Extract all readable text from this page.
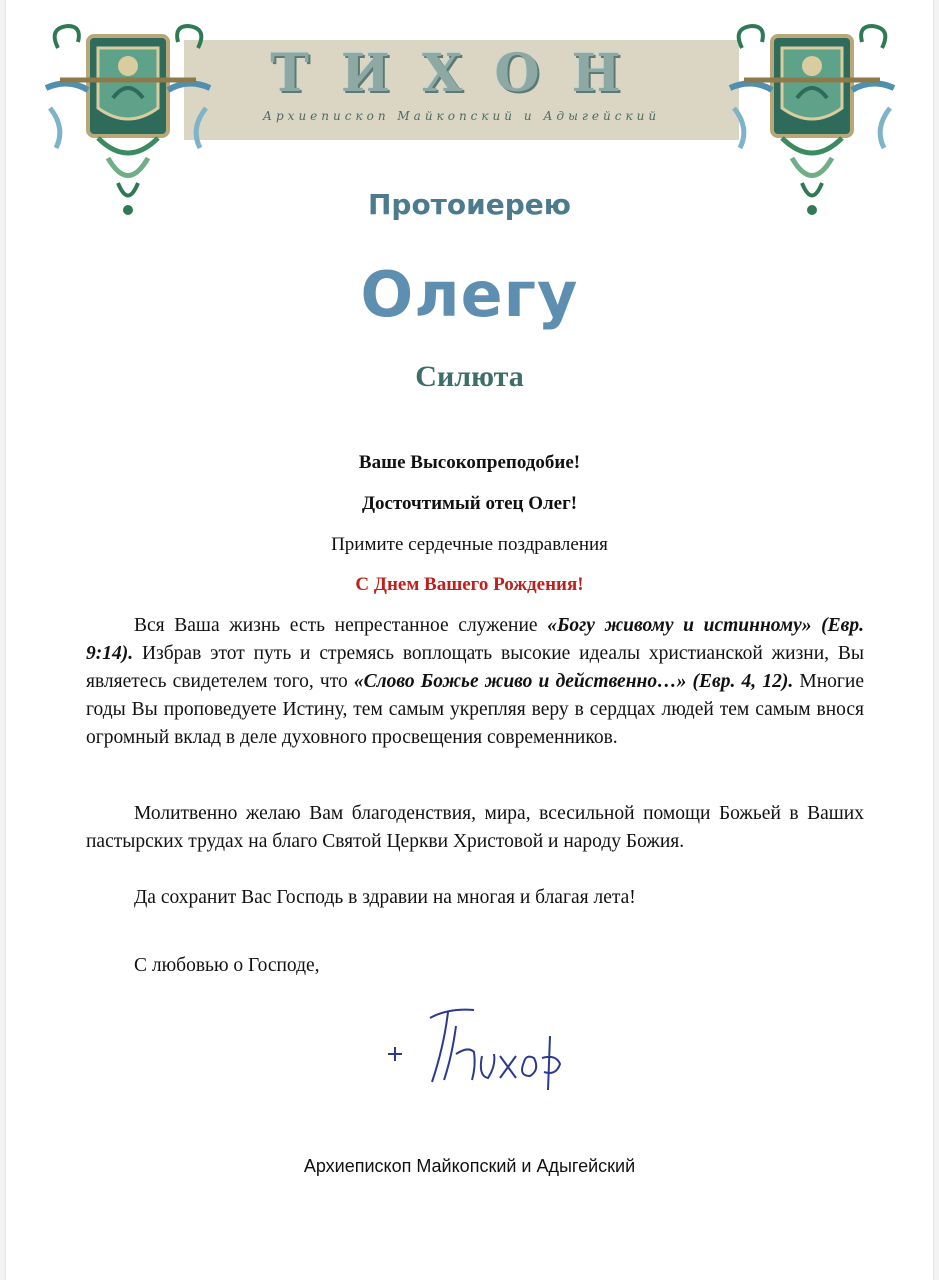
ТИХОН
Архиепископ Майкопский и Адыгейский
Протоиерею
Олегу
Силюта
Ваше Высокопреподобие!
Досточтимый отец Олег!
Примите сердечные поздравления
С Днем Вашего Рождения!

Вся Ваша жизнь есть непрестанное служение «Богу живому и истинному» (Евр. 9:14). Избрав этот путь и стремясь воплощать высокие идеалы христианской жизни, Вы являетесь свидетелем того, что «Слово Божье живо и действенно…» (Евр. 4, 12). Многие годы Вы проповедуете Истину, тем самым укрепляя веру в сердцах людей тем самым внося огромный вклад в деле духовного просвещения современников.

Молитвенно желаю Вам благоденствия, мира, всесильной помощи Божьей в Ваших пастырских трудах на благо Святой Церкви Христовой и народу Божия.

Да сохранит Вас Господь в здравии на многая и благая лета!

С любовью о Господе,

Архиепископ Майкопский и Адыгейский
